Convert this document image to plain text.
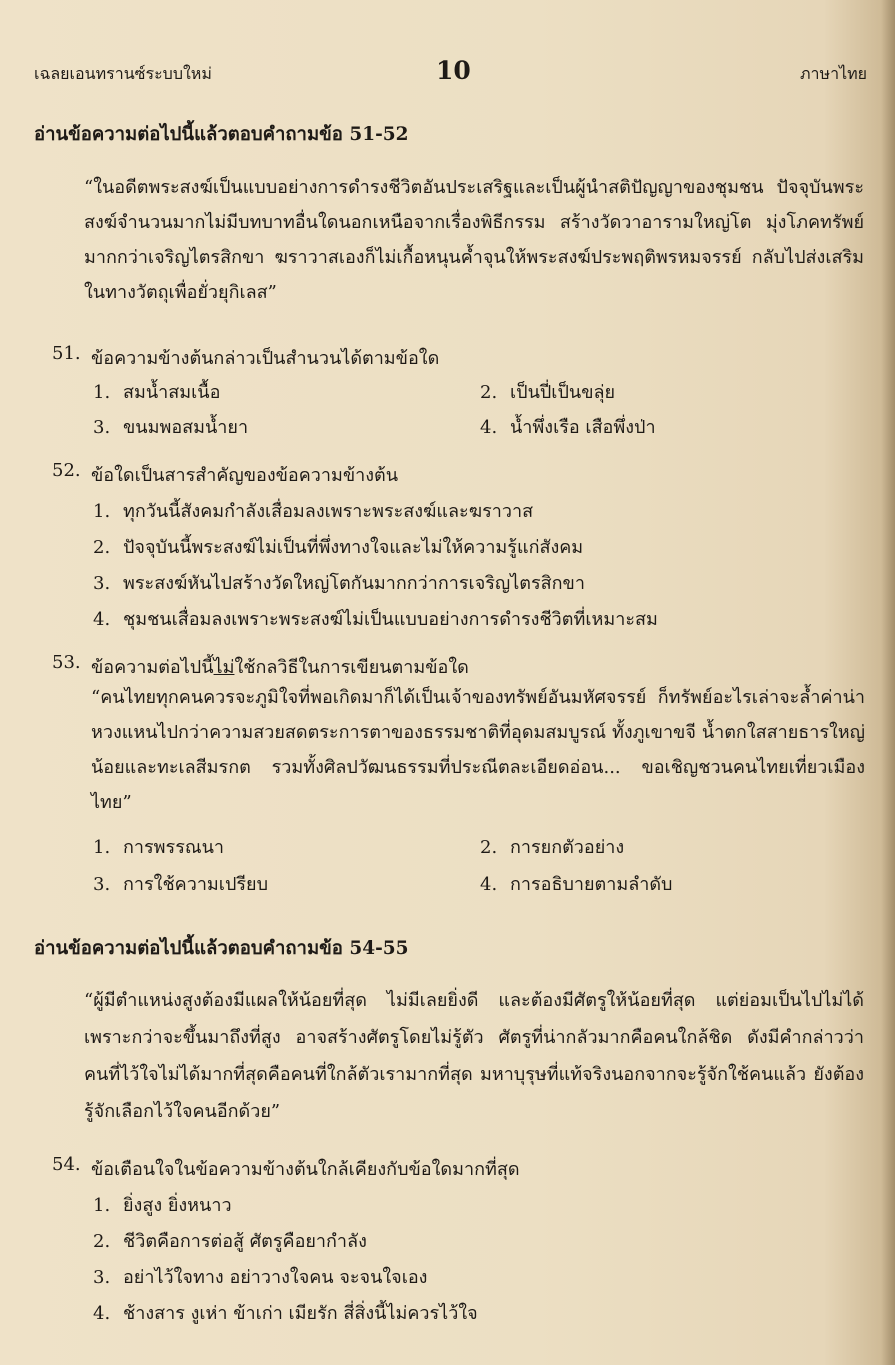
เฉลยเอนทรานซ์ระบบใหม่	10	ภาษาไทย
อ่านข้อความต่อไปนี้แล้วตอบคำถามข้อ 51-52
“ในอดีตพระสงฆ์เป็นแบบอย่างการดำรงชีวิตอันประเสริฐและเป็นผู้นำสติปัญญาของชุมชน ปัจจุบันพระสงฆ์จำนวนมากไม่มีบทบาทอื่นใดนอกเหนือจากเรื่องพิธีกรรม สร้างวัดวาอารามใหญ่โต มุ่งโภคทรัพย์มากกว่าเจริญไตรสิกขา ฆราวาสเองก็ไม่เกื้อหนุนค้ำจุนให้พระสงฆ์ประพฤติพรหมจรรย์ กลับไปส่งเสริมในทางวัตถุเพื่อยั่วยุกิเลส”
51. ข้อความข้างต้นกล่าวเป็นสำนวนได้ตามข้อใด
1. สมน้ำสมเนื้อ	2. เป็นปี่เป็นขลุ่ย
3. ขนมพอสมน้ำยา	4. น้ำพึ่งเรือ เสือพึ่งป่า
52. ข้อใดเป็นสารสำคัญของข้อความข้างต้น
1. ทุกวันนี้สังคมกำลังเสื่อมลงเพราะพระสงฆ์และฆราวาส
2. ปัจจุบันนี้พระสงฆ์ไม่เป็นที่พึ่งทางใจและไม่ให้ความรู้แก่สังคม
3. พระสงฆ์หันไปสร้างวัดใหญ่โตกันมากกว่าการเจริญไตรสิกขา
4. ชุมชนเสื่อมลงเพราะพระสงฆ์ไม่เป็นแบบอย่างการดำรงชีวิตที่เหมาะสม
53. ข้อความต่อไปนี้ไม่ใช้กลวิธีในการเขียนตามข้อใด
“คนไทยทุกคนควรจะภูมิใจที่พอเกิดมาก็ได้เป็นเจ้าของทรัพย์อันมหัศจรรย์ ก็ทรัพย์อะไรเล่าจะล้ำค่าน่าหวงแหนไปกว่าความสวยสดตระการตาของธรรมชาติที่อุดมสมบูรณ์ ทั้งภูเขาขจี น้ำตกใสสายธารใหญ่น้อยและทะเลสีมรกต รวมทั้งศิลปวัฒนธรรมที่ประณีตละเอียดอ่อน... ขอเชิญชวนคนไทยเที่ยวเมืองไทย”
1. การพรรณนา	2. การยกตัวอย่าง
3. การใช้ความเปรียบ	4. การอธิบายตามลำดับ
อ่านข้อความต่อไปนี้แล้วตอบคำถามข้อ 54-55
“ผู้มีตำแหน่งสูงต้องมีแผลให้น้อยที่สุด ไม่มีเลยยิ่งดี และต้องมีศัตรูให้น้อยที่สุด แต่ย่อมเป็นไปไม่ได้ เพราะกว่าจะขึ้นมาถึงที่สูง อาจสร้างศัตรูโดยไม่รู้ตัว ศัตรูที่น่ากลัวมากคือคนใกล้ชิด ดังมีคำกล่าวว่า คนที่ไว้ใจไม่ได้มากที่สุดคือคนที่ใกล้ตัวเรามากที่สุด มหาบุรุษที่แท้จริงนอกจากจะรู้จักใช้คนแล้ว ยังต้องรู้จักเลือกไว้ใจคนอีกด้วย”
54. ข้อเตือนใจในข้อความข้างต้นใกล้เคียงกับข้อใดมากที่สุด
1. ยิ่งสูง ยิ่งหนาว
2. ชีวิตคือการต่อสู้ ศัตรูคือยากำลัง
3. อย่าไว้ใจทาง อย่าวางใจคน จะจนใจเอง
4. ช้างสาร งูเห่า ข้าเก่า เมียรัก สี่สิ่งนี้ไม่ควรไว้ใจ
